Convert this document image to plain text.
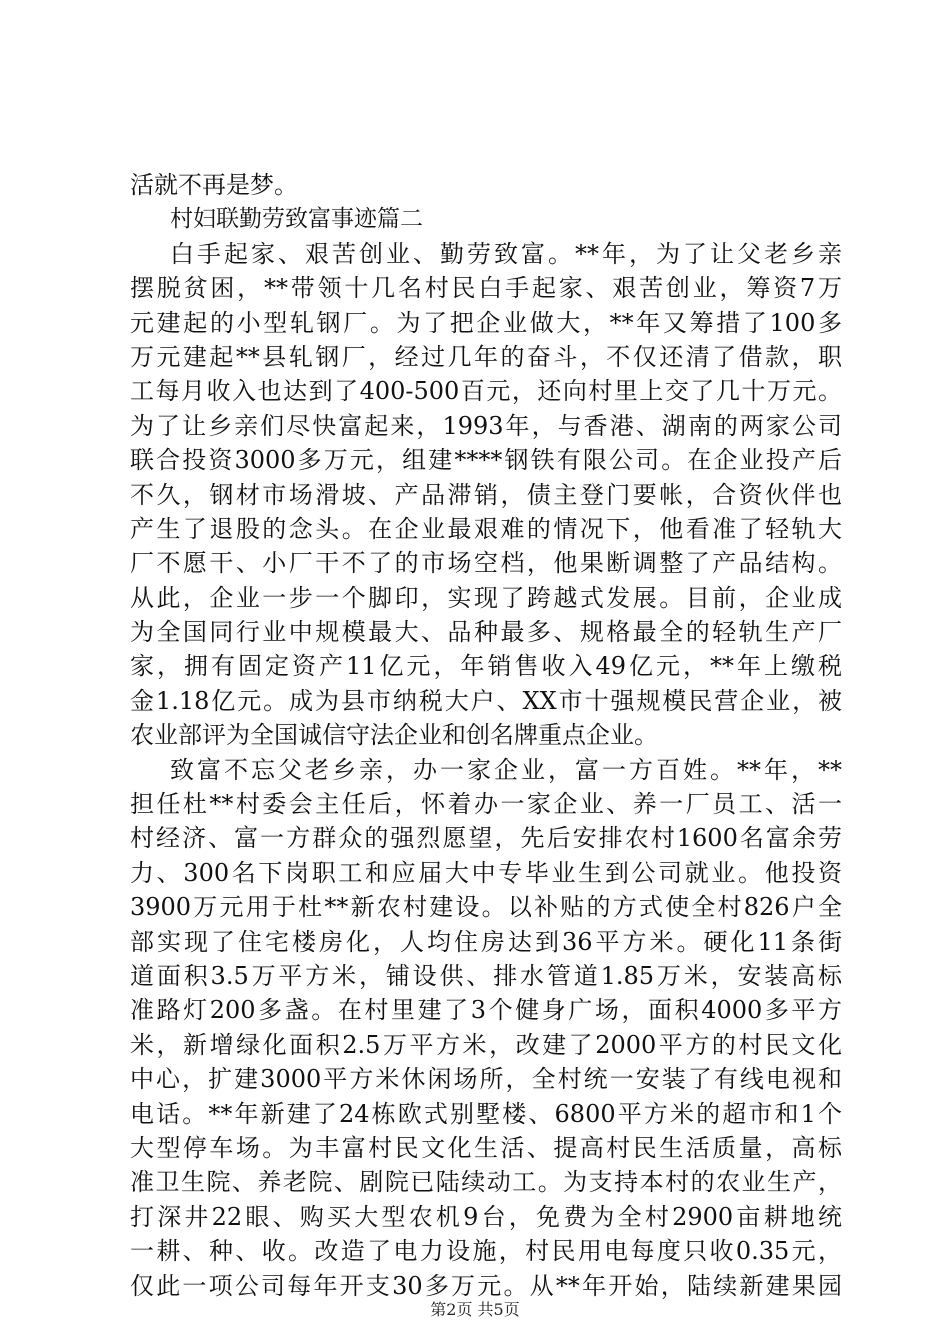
活就不再是梦。
村妇联勤劳致富事迹篇二
白手起家、艰苦创业、勤劳致富。**年，为了让父老乡亲
摆脱贫困，**带领十几名村民白手起家、艰苦创业，筹资7万
元建起的小型轧钢厂。为了把企业做大，**年又筹措了100多
万元建起**县轧钢厂，经过几年的奋斗，不仅还清了借款，职
工每月收入也达到了400-500百元，还向村里上交了几十万元。
为了让乡亲们尽快富起来，1993年，与香港、湖南的两家公司
联合投资3000多万元，组建****钢铁有限公司。在企业投产后
不久，钢材市场滑坡、产品滞销，债主登门要帐，合资伙伴也
产生了退股的念头。在企业最艰难的情况下，他看准了轻轨大
厂不愿干、小厂干不了的市场空档，他果断调整了产品结构。
从此，企业一步一个脚印，实现了跨越式发展。目前，企业成
为全国同行业中规模最大、品种最多、规格最全的轻轨生产厂
家，拥有固定资产11亿元，年销售收入49亿元，**年上缴税
金1.18亿元。成为县市纳税大户、XX市十强规模民营企业，被
农业部评为全国诚信守法企业和创名牌重点企业。
致富不忘父老乡亲，办一家企业，富一方百姓。**年，**
担任杜**村委会主任后，怀着办一家企业、养一厂员工、活一
村经济、富一方群众的强烈愿望，先后安排农村1600名富余劳
力、300名下岗职工和应届大中专毕业生到公司就业。他投资
3900万元用于杜**新农村建设。以补贴的方式使全村826户全
部实现了住宅楼房化，人均住房达到36平方米。硬化11条街
道面积3.5万平方米，铺设供、排水管道1.85万米，安装高标
准路灯200多盏。在村里建了3个健身广场，面积4000多平方
米，新增绿化面积2.5万平方米，改建了2000平方的村民文化
中心，扩建3000平方米休闲场所，全村统一安装了有线电视和
电话。**年新建了24栋欧式别墅楼、6800平方米的超市和1个
大型停车场。为丰富村民文化生活、提高村民生活质量，高标
准卫生院、养老院、剧院已陆续动工。为支持本村的农业生产，
打深井22眼、购买大型农机9台，免费为全村2900亩耕地统
一耕、种、收。改造了电力设施，村民用电每度只收0.35元，
仅此一项公司每年开支30多万元。从**年开始，陆续新建果园
第2页 共5页
